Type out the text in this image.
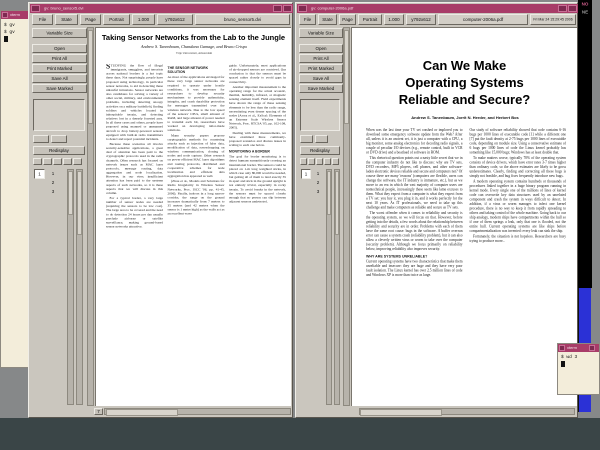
NO
NE
xterm
$ gv
$ gv
gv: bruno_sensor5.dvi
File	State	Page	Portrait	1.000	y792x612	bruno_sensor5.dvi
Variable Size
Open
Print All
Print Marked
Save All
Save Marked
Redisplay
1	1
2
3
7
Taking Sensor Networks from the Lab to the Jungle
Andrew S. Tanenbaum, Chandana Gamage, and Bruno Crispo
Vrije Universiteit, Amsterdam

STUDYING the flow of illegal immigrants, smugglers, and terrorists across national borders is a hot topic these days. Not surprisingly, people have proposed using technology, in particular sensor networks, to aid in detecting these unlawful intrusions. Sensor networks are also candidates for solving a variety of other social, military, and environmental problems, including detecting snoopy activities on a military battlefield, finding soldiers and vehicles located in inhospitable terrain, and detecting relatives lost in a densely forested area. In all these cases and others, people have proposed using manned or unmanned aircraft to drop battery-powered sensors equipped with built-in radio transmitters to detect and report potential incidents.

Because these scenarios all involve security-sensitive applications, a great deal of attention has been paid to the cryptographic protocols used in the radio channels. Often research has focused on network issues such as MAC layer protocols, message routing, data aggregation and node localization. However, in our view, insufficient attention has been paid to the systems aspects of such networks, so it is these aspects that we will discuss in this column.

For a typical border, a very large number of sensor nodes are needed (requiring the sensors to be low cost). The large area to be covered and the need to do detection 24 hours per day usually preclude airborne or satellite surveillance, making ground-based sensor networks attractive.

THE SENSOR NETWORK SOLUTION

As most of the applications envisaged for these very large sensor networks are required to operate under hostile conditions, it was necessary for researchers to develop security mechanisms to provide authenticity, integrity, and crash durability protection for messages transmitted over the wireless network. Due to the low speed of the sensors' CPUs, small amount of RAM, and large amount of power needed to transmit each bit, researchers have worked on developing tailor-made solutions.

Many security papers propose cryptographic methods for countering attacks such as injection of false data, modification of data, eavesdropping on wireless communication, cloning of nodes and node capture. Other research on power efficient MAC layer algorithms and routing protocols, distributed and cooperative schemes for node localization and efficient data aggregation has appeared as well.

(Zhou et al., Models and Solutions for Radio Irregularity in Wireless Sensor Networks, Proc. ISCC '06, pp. 41-45, 2006). Finally, indoors in a long narrow corridor, the range on the ground increases dramatically from 7 meters to 35 meters (and 42 meters when the sensor is 1 meter high) as the walls act as an excellent wave

guide. Unfortunately, most applications of air-dropped sensors are contrived. Our conclusion is that the sensors must be spaced rather closely to avoid gaps in connectivity.

Another important measurement is the operating range for the actual acoustic, thermal, humidity, infrared, or magnetic sensing element itself. Field experiments have shown the range of these sensing elements to be less than the radio range, necessitating even denser spacing of the nodes (Arora et al., ExScal: Elements of an Extreme Scale Wireless Sensor Network, Proc. RTCSA '05, pp. 102-108, 2005).

Dealing with these measurements, we have examined three commonly-proposed scenarios and discuss issues in scaling to each one below.

MONITORING A BORDER

The goal for border monitoring is to detect humans surreptitiously crossing an international border. The sensors could be placed on 1-m long weighted sticks, in which case only 80,000 would be needed, but getting all of them to land exactly 35 m apart and stick in the ground upright is not entirely trivial, especially in rocky terrain. To avoid breaks in the network, the sensors must be spaced closely enough that no person can slip between adjacent sensors undetected.

gv: computer-2006a.pdf
File	State	Page	Portrait	1.000	y792x612	computer-2006a.pdf	Fri Mar 24 15:29:45 2006
Variable Size
Open
Print All
Print Marked
Save All
Save Marked
Redisplay
1	1
2
3
Can We Make
Operating Systems
Reliable and Secure?
Andrew S. Tanenbaum, Jorrit N. Herder, and Herbert Bos

When was the last time your TV set crashed or implored you to download some emergency software update from the Web? After all, unless it is an ancient set, it is just a computer with a CPU, a big monitor, some analog electronics for decoding radio signals, a couple of peculiar I/O devices (e.g., remote control, built in VCR or DVD drive) and a boatload of software in ROM.

This rhetorical question points out a nasty little secret that we in the computer industry do not like to discuss: why are TV sets, DVD recorders, MP3 players, cell phones, and other software-laden electronic devices reliable and secure and computers not? Of course there are many 'reasons' (computers are flexible, users can change the software, the IT industry is immature, etc.), but as we move to an era in which the vast majority of computer users are nontechnical people, increasingly these seem like lame excuses to them. What they expect from a computer is what they expect from a TV set: you buy it, you plug it in, and it works perfectly for the next 10 years. As IT professionals, we need to take up this challenge and make computers as reliable and secure as TV sets.

The worst offender when it comes to reliability and security is the operating system, so we will focus on that. However, before getting into the details, a few words about the relationship between reliability and security are in order. Problems with each of them have the same root cause: bugs in the software. A buffer overrun error can cause a system crash (reliability problem), but it can also allow a cleverly written virus or worm to take over the computer (security problem). Although we focus primarily on reliability below, improving reliability also improves security.

WHY ARE SYSTEMS UNRELIABLE?

Current operating systems have two characteristics that make them unreliable and insecure: they are huge and they have very poor fault isolation. The Linux kernel has over 2.5 million lines of code and Windows XP is more than twice as large.

Our study of software reliability showed that code contains 6-16 bugs per 1000 lines of executable code [1] while a different one [7] put the fault density at 2-75 bugs per 1000 lines of executable code, depending on module size. Using a conservative estimate of 6 bugs per 1000 lines of code the Linux kernel probably has something like 15,000 bugs; Windows has at least double that.

To make matters worse, typically 70% of the operating system consists of device drivers, which have error rates 3-7 times higher than ordinary code, so the above estimates are likely to be gross underestimates. Clearly, finding and correcting all these bugs is simply not feasible, and bug fixes frequently introduce new bugs.

A modern operating system contains hundreds or thousands of procedures linked together in a huge binary program running in kernel mode. Every single one of the millions of lines of kernel code can overwrite key data structures used by an unrelated component and crash the system in ways difficult to detect. In addition, if a virus or worm manages to infect one kernel procedure, there is no way to keep it from rapidly spreading to others and taking control of the whole machine. Going back to our ship analogy, modern ships have compartments within the hull so if one of them springs a leak, only that one is flooded, not the entire hull. Current operating systems are like ships before compartmentalization was invented: every leak can sink the ship.

Fortunately, the situation is not hopeless. Researchers are busy trying to produce more...

xterm
$ wd 3
